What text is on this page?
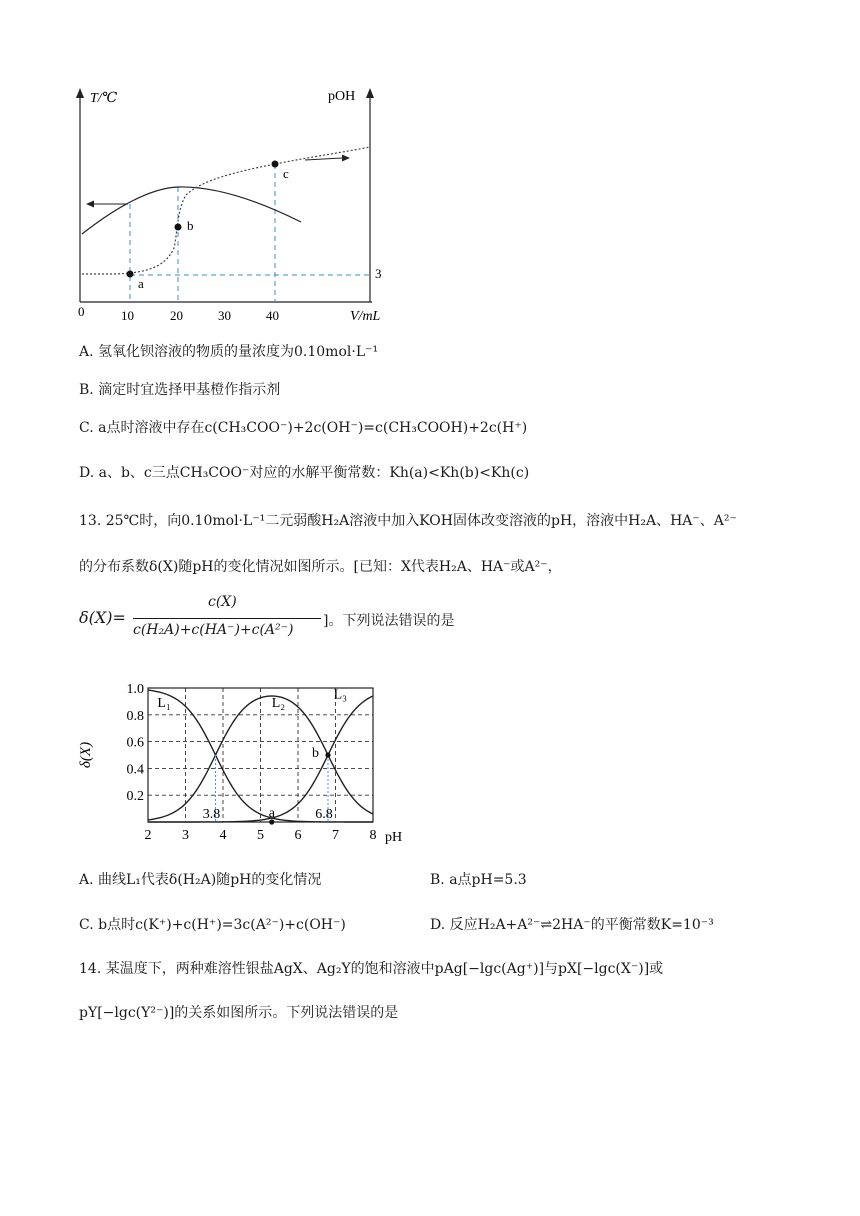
T/℃	pOH
0	10	20	30	40	V/mL
3
a
b
c
A. 氢氧化钡溶液的物质的量浓度为0.10mol·L⁻¹
B. 滴定时宜选择甲基橙作指示剂
C. a点时溶液中存在c(CH₃COO⁻)+2c(OH⁻)=c(CH₃COOH)+2c(H⁺)
D. a、b、c三点CH₃COO⁻对应的水解平衡常数：Kh(a)<Kh(b)<Kh(c)
13. 25℃时，向0.10mol·L⁻¹二元弱酸H₂A溶液中加入KOH固体改变溶液的pH，溶液中H₂A、HA⁻、A²⁻
的分布系数δ(X)随pH的变化情况如图所示。[已知：X代表H₂A、HA⁻或A²⁻，
δ(X)=
c(X)
c(H₂A)+c(HA⁻)+c(A²⁻)
]。下列说法错误的是
2 3 4 5 6 7 8 pH
0.2
0.4
0.6
0.8
1.0
δ(X)
L₁	L₂
L₃
3.8	6.8
a
b
A. 曲线L₁代表δ(H₂A)随pH的变化情况	B. a点pH=5.3
C. b点时c(K⁺)+c(H⁺)=3c(A²⁻)+c(OH⁻)	D. 反应H₂A+A²⁻⇌2HA⁻的平衡常数K=10⁻³
14. 某温度下，两种难溶性银盐AgX、Ag₂Y的饱和溶液中pAg[−lgc(Ag⁺)]与pX[−lgc(X⁻)]或
pY[−lgc(Y²⁻)]的关系如图所示。下列说法错误的是
